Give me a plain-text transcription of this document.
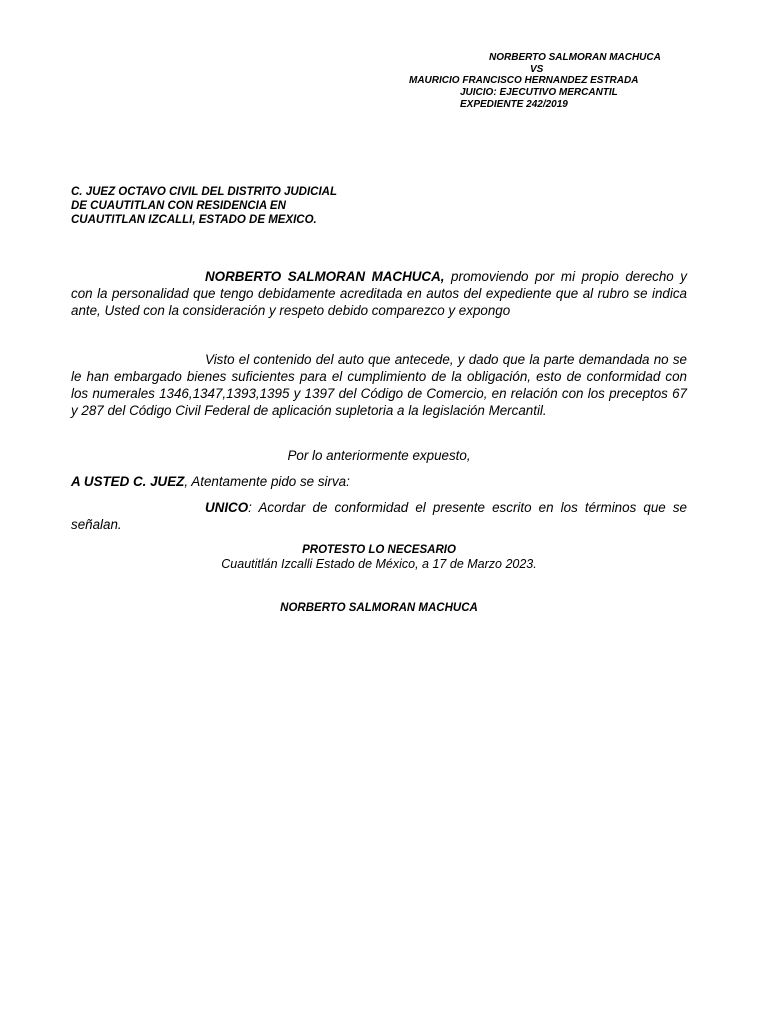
NORBERTO SALMORAN MACHUCA
VS
MAURICIO FRANCISCO HERNANDEZ ESTRADA
JUICIO: EJECUTIVO MERCANTIL
EXPEDIENTE 242/2019
C. JUEZ OCTAVO CIVIL DEL DISTRITO JUDICIAL
DE CUAUTITLAN CON RESIDENCIA EN
CUAUTITLAN IZCALLI, ESTADO DE MEXICO.
NORBERTO SALMORAN MACHUCA, promoviendo por mi propio derecho y con la personalidad que tengo debidamente acreditada en autos del expediente que al rubro se indica ante, Usted con la consideración y respeto debido comparezco y expongo
Visto el contenido del auto que antecede, y dado que la parte demandada no se le han embargado bienes suficientes para el cumplimiento de la obligación, esto de conformidad con los numerales 1346,1347,1393,1395 y 1397 del Código de Comercio, en relación con los preceptos 67 y 287 del Código Civil Federal de aplicación supletoria a la legislación Mercantil.
Por lo anteriormente expuesto,
A USTED C. JUEZ, Atentamente pido se sirva:
UNICO: Acordar de conformidad el presente escrito en los términos que se señalan.
PROTESTO LO NECESARIO
Cuautitlán Izcalli Estado de México, a 17 de Marzo 2023.
NORBERTO SALMORAN MACHUCA
